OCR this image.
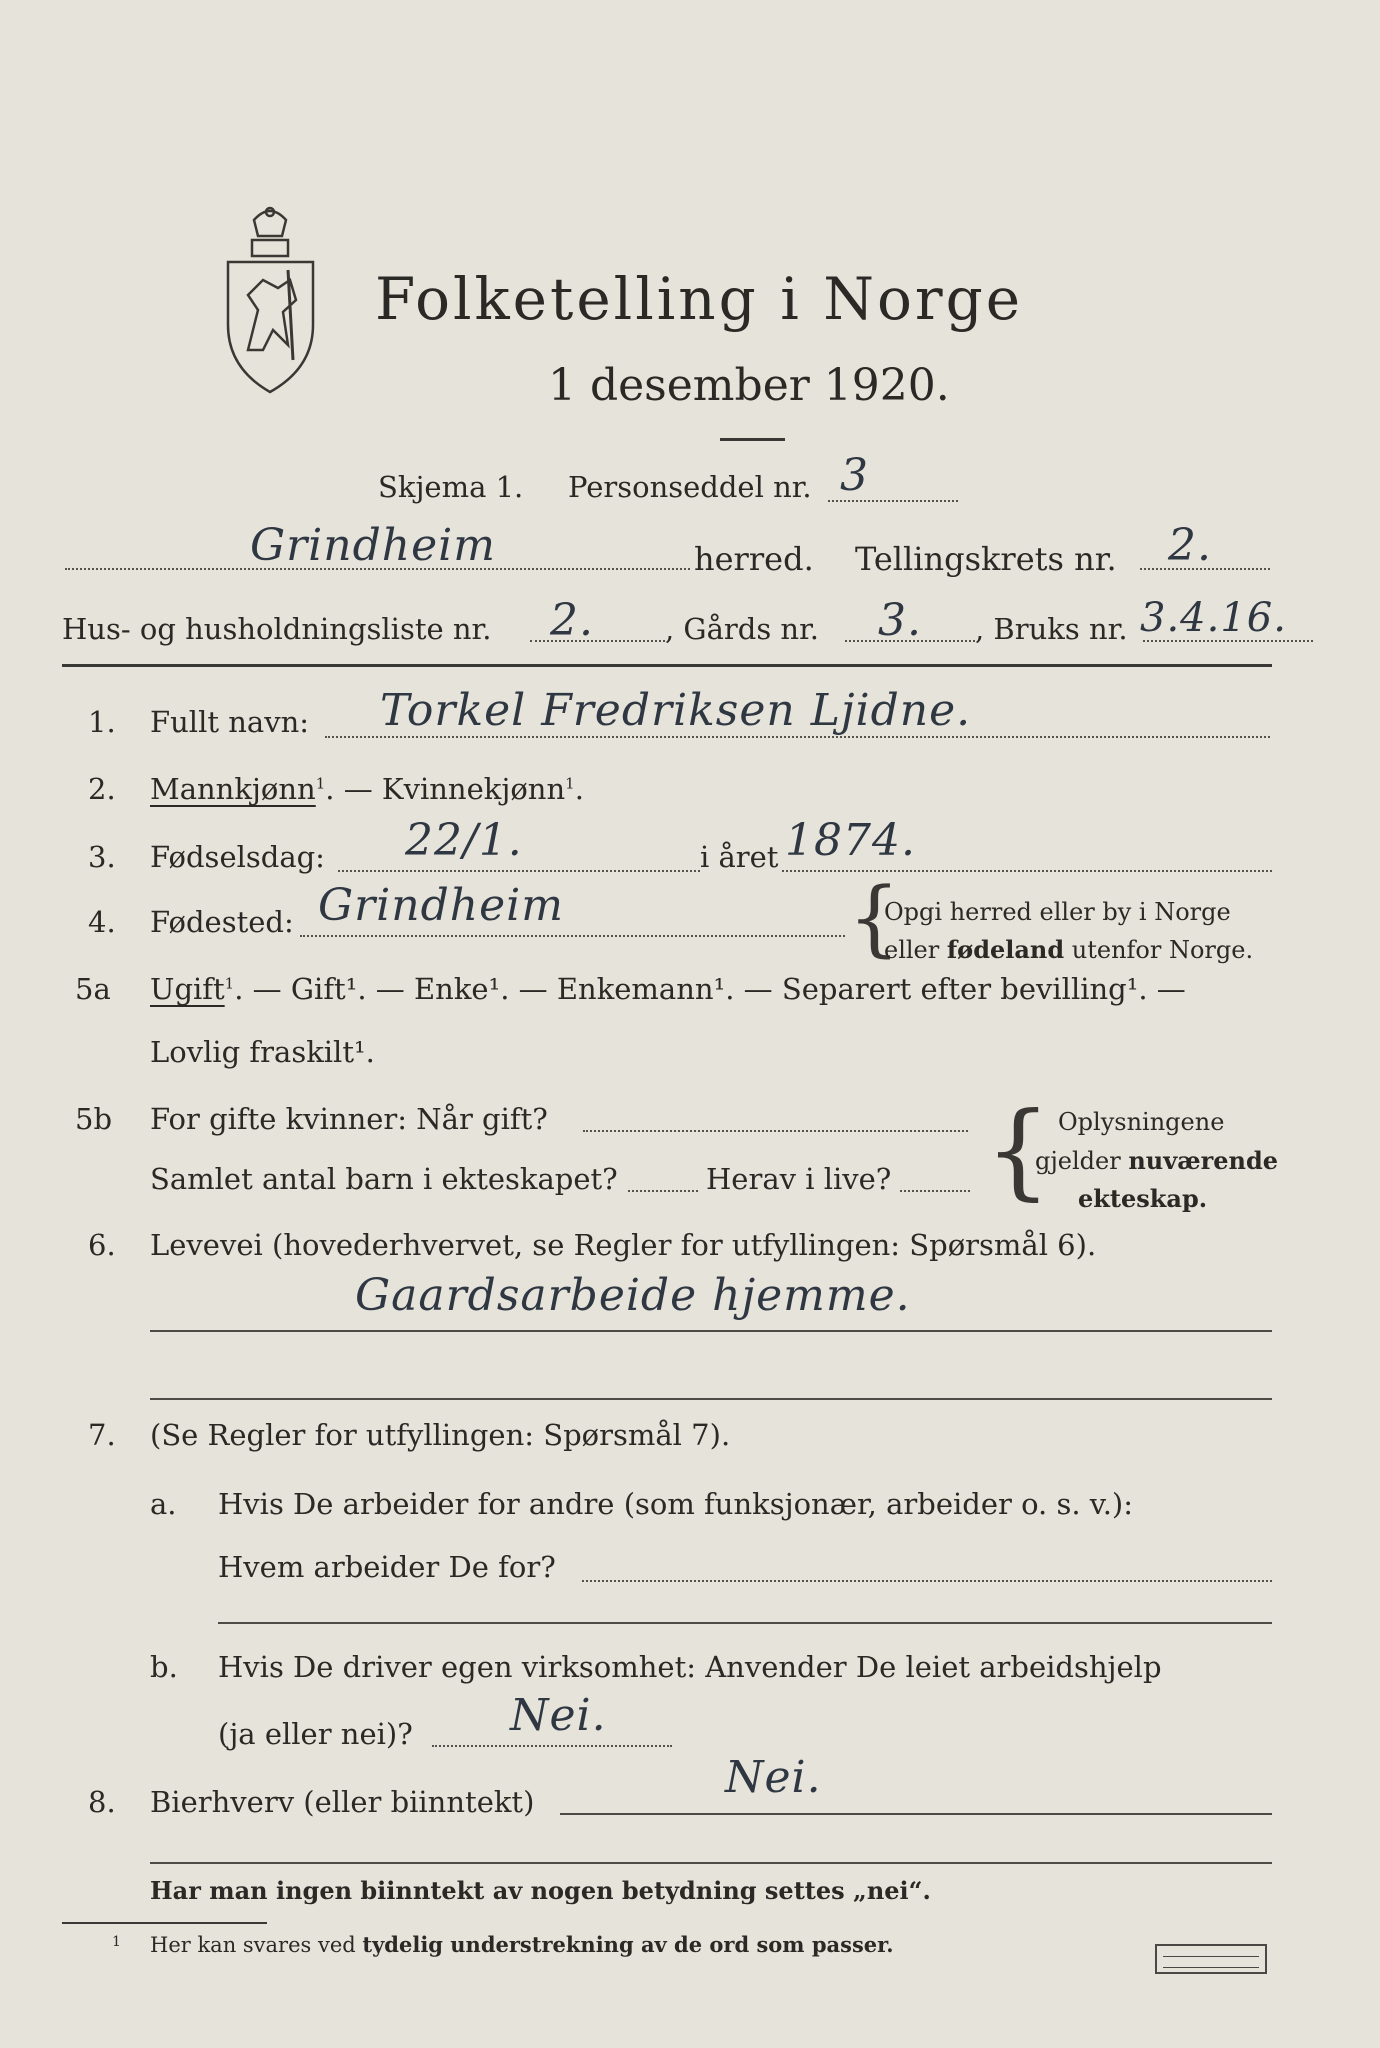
Folketelling i Norge
1 desember 1920.
Skjema 1. Personseddel nr. 3
Grindheim	herred. Tellingskrets nr. 2.
Hus- og husholdningsliste nr. 2. , Gårds nr. 3. , Bruks nr. 3.4.16.
1. Fullt navn: Torkel Fredriksen Ljidne.
2. Mannkjønn$^1$. — Kvinnekjønn$^1$.
3. Fødselsdag: 22/1.	i året 1874.
4. Fødested: Grindheim	{
Opgi herred eller by i Norge
eller fødeland utenfor Norge.
5a Ugift$^1$. — Gift¹. — Enke¹. — Enkemann¹. — Separert efter bevilling¹. —
Lovlig fraskilt¹.
5b For gifte kvinner: Når gift?
Samlet antal barn i ekteskapet?	Herav i live? { Oplysningene
gjelder nuværende
ekteskap.
6. Levevei (hovederhvervet, se Regler for utfyllingen: Spørsmål 6).
Gaardsarbeide hjemme.
7. (Se Regler for utfyllingen: Spørsmål 7).
a. Hvis De arbeider for andre (som funksjonær, arbeider o. s. v.):
Hvem arbeider De for?
b. Hvis De driver egen virksomhet: Anvender De leiet arbeidshjelp
(ja eller nei)? Nei.
8. Bierhverv (eller biinntekt)	Nei.
Har man ingen biinntekt av nogen betydning settes „nei“.
1 Her kan svares ved tydelig understrekning av de ord som passer.
